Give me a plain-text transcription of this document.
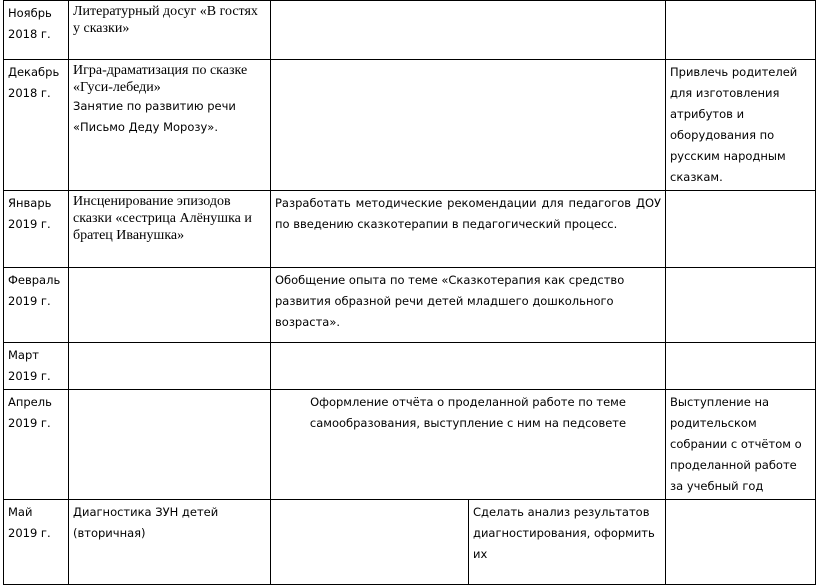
Ноябрь 2018 г.	Литературный досуг «В гостях у сказки»			

Декабрь 2018 г.	Игра-драматизация по сказке «Гуси-лебеди»
Занятие по развитию речи «Письмо Деду Морозу».			Привлечь родителей для изготовления атрибутов и оборудования по русским народным сказкам.
Январь 2019 г.	Инсценирование эпизодов сказки «сестрица Алёнушка и братец Иванушка»	Разработать методические рекомендации для педагогов ДОУ по введению сказкотерапии в педагогический процесс.		
Февраль 2019 г.		Обобщение опыта по теме «Сказкотерапия как средство развития образной речи детей младшего дошкольного возраста».		
Март 2019 г.		

Апрель 2019 г.		Оформление отчёта о проделанной работе по теме самообразования, выступление с ним на педсовете		Выступление на родительском собрании с отчётом о проделанной работе за учебный год
Май 2019 г.	Диагностика ЗУН детей (вторичная)		Сделать анализ результатов диагностирования, оформить их	
